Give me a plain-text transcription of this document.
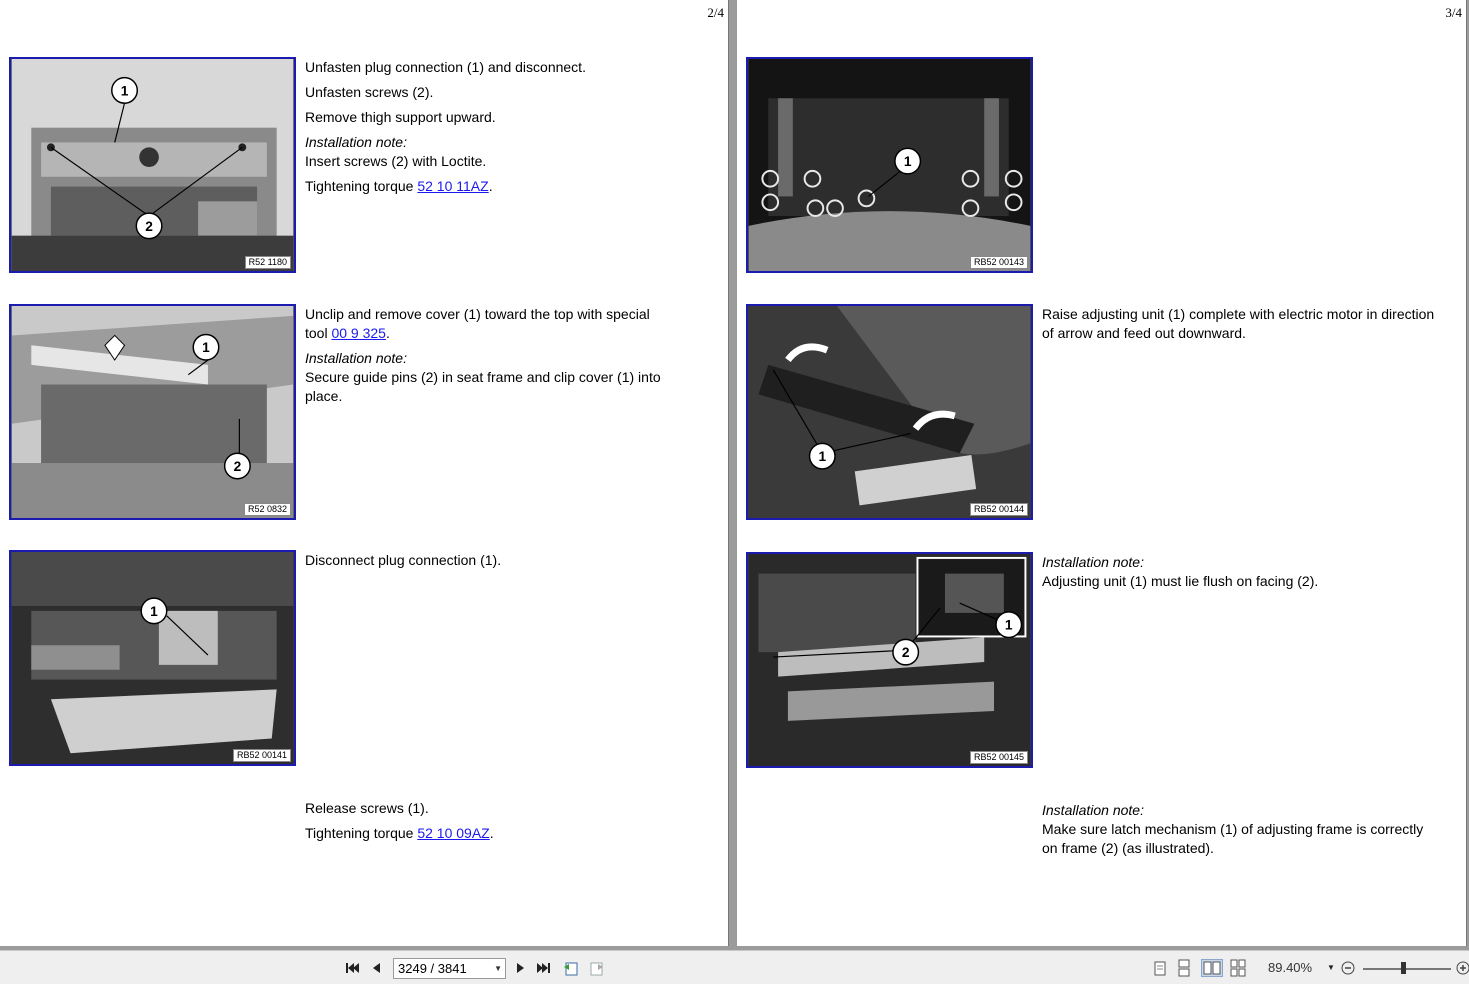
2/4
1
2
R52 1180

Unfasten plug connection (1) and disconnect.

Unfasten screws (2).

Remove thigh support upward.

Installation note:

Insert screws (2) with Loctite.

Tightening torque 52 10 11AZ.

1
2
R52 0832

Unclip and remove cover (1) toward the top with special

tool 00 9 325.

Installation note:

Secure guide pins (2) in seat frame and clip cover (1) into

place.

1
RB52 00141

Disconnect plug connection (1).

Release screws (1).

Tightening torque 52 10 09AZ.

3/4
1
RB52 00143
1
RB52 00144

Raise adjusting unit (1) complete with electric motor in direction

of arrow and feed out downward.

1
2
RB52 00145

Installation note:

Adjusting unit (1) must lie flush on facing (2).

Installation note:

Make sure latch mechanism (1) of adjusting frame is correctly

on frame (2) (as illustrated).

3249 / 3841	▼	89.40% ▼
